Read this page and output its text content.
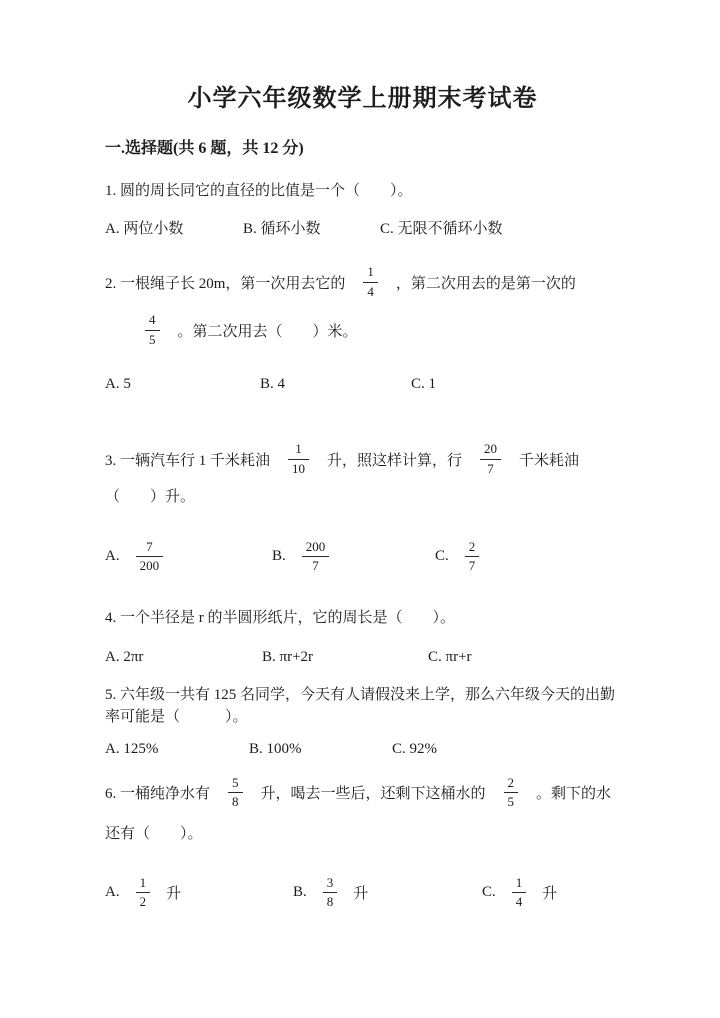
小学六年级数学上册期末考试卷
一.选择题(共 6 题，共 12 分)

1. 圆的周长同它的直径的比值是一个（　　）。

A. 两位小数	B. 循环小数	C. 无限不循环小数
2. 一根绳子长 20m，第一次用去它的 $\frac{1}{4}$ ，第二次用去的是第一次的
$\frac{4}{5}$ 。第二次用去（　　）米。
A. 5	B. 4	C. 1
3. 一辆汽车行 1 千米耗油 $\frac{1}{10}$ 升，照这样计算，行 $\frac{20}{7}$ 千米耗油
（　　）升。
A. $\frac{7}{200}$	B. $\frac{200}{7}$	C. $\frac{2}{7}$

4. 一个半径是 r 的半圆形纸片，它的周长是（　　）。

A. 2πr	B. πr+2r	C. πr+r

5. 六年级一共有 125 名同学，今天有人请假没来上学，那么六年级今天的出勤率可能是（　　　）。

A. 125%	B. 100%	C. 92%
6. 一桶纯净水有 $\frac{5}{8}$ 升，喝去一些后，还剩下这桶水的 $\frac{2}{5}$ 。剩下的水
还有（　　）。
A. $\frac{1}{2}$ 升	B. $\frac{3}{8}$ 升	C. $\frac{1}{4}$ 升
